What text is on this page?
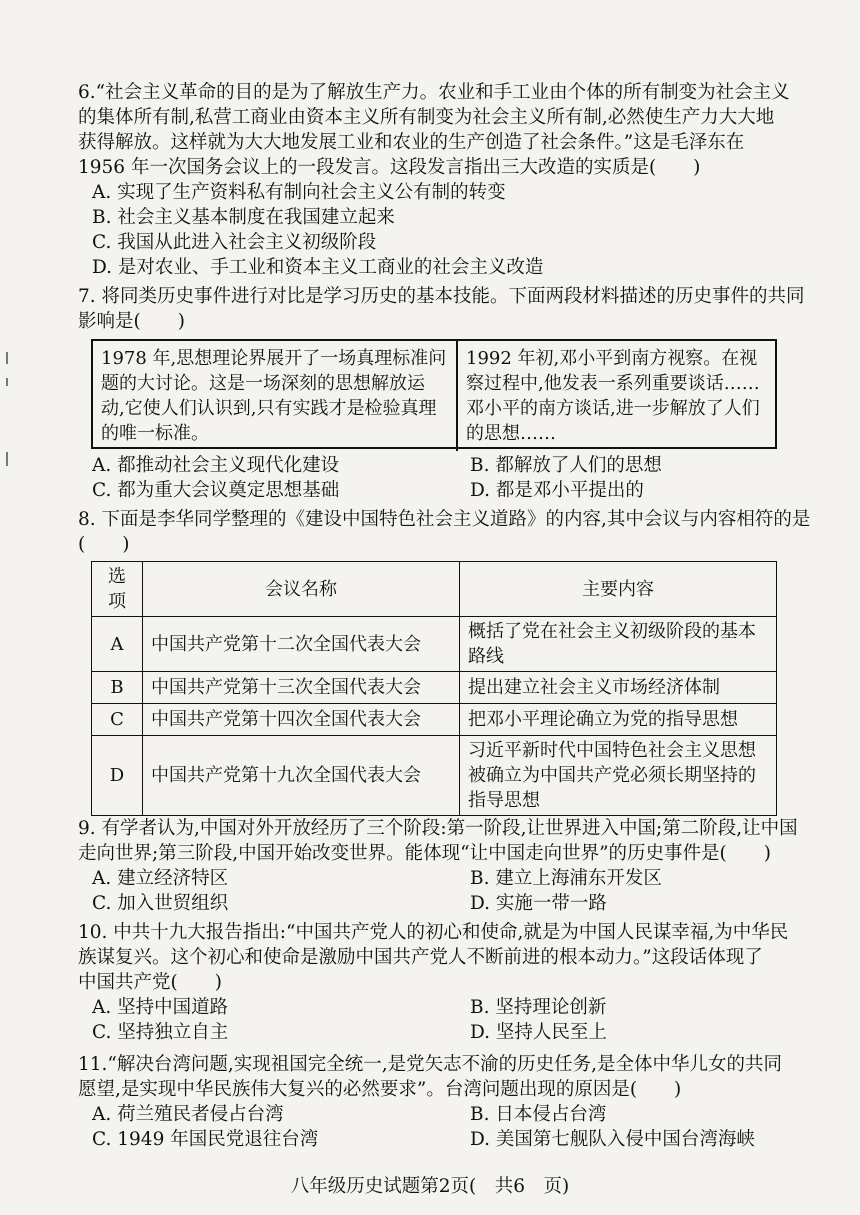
6.“社会主义革命的目的是为了解放生产力。农业和手工业由个体的所有制变为社会主义
的集体所有制,私营工商业由资本主义所有制变为社会主义所有制,必然使生产力大大地
获得解放。这样就为大大地发展工业和农业的生产创造了社会条件。”这是毛泽东在
1956 年一次国务会议上的一段发言。这段发言指出三大改造的实质是(　　)
A. 实现了生产资料私有制向社会主义公有制的转变
B. 社会主义基本制度在我国建立起来
C. 我国从此进入社会主义初级阶段
D. 是对农业、手工业和资本主义工商业的社会主义改造
7. 将同类历史事件进行对比是学习历史的基本技能。下面两段材料描述的历史事件的共同
影响是(　　)
1978 年,思想理论界展开了一场真理标准问题的大讨论。这是一场深刻的思想解放运动,它使人们认识到,只有实践才是检验真理的唯一标准。
1992 年初,邓小平到南方视察。在视察过程中,他发表一系列重要谈话……邓小平的南方谈话,进一步解放了人们的思想……
A. 都推动社会主义现代化建设	B. 都解放了人们的思想
C. 都为重大会议奠定思想基础	D. 都是邓小平提出的
8. 下面是李华同学整理的《建设中国特色社会主义道路》的内容,其中会议与内容相符的是
(　　)
选项	会议名称	主要内容
A	中国共产党第十二次全国代表大会	概括了党在社会主义初级阶段的基本路线
B	中国共产党第十三次全国代表大会	提出建立社会主义市场经济体制
C	中国共产党第十四次全国代表大会	把邓小平理论确立为党的指导思想
D	中国共产党第十九次全国代表大会	习近平新时代中国特色社会主义思想被确立为中国共产党必须长期坚持的指导思想
9. 有学者认为,中国对外开放经历了三个阶段:第一阶段,让世界进入中国;第二阶段,让中国
走向世界;第三阶段,中国开始改变世界。能体现“让中国走向世界”的历史事件是(　　)
A. 建立经济特区	B. 建立上海浦东开发区
C. 加入世贸组织	D. 实施一带一路
10. 中共十九大报告指出:“中国共产党人的初心和使命,就是为中国人民谋幸福,为中华民
族谋复兴。这个初心和使命是激励中国共产党人不断前进的根本动力。”这段话体现了
中国共产党(　　)
A. 坚持中国道路	B. 坚持理论创新
C. 坚持独立自主	D. 坚持人民至上
11.“解决台湾问题,实现祖国完全统一,是党矢志不渝的历史任务,是全体中华儿女的共同
愿望,是实现中华民族伟大复兴的必然要求”。台湾问题出现的原因是(　　)
A. 荷兰殖民者侵占台湾	B. 日本侵占台湾
C. 1949 年国民党退往台湾	D. 美国第七舰队入侵中国台湾海峡
八年级历史试题第2页(　共6　页)
